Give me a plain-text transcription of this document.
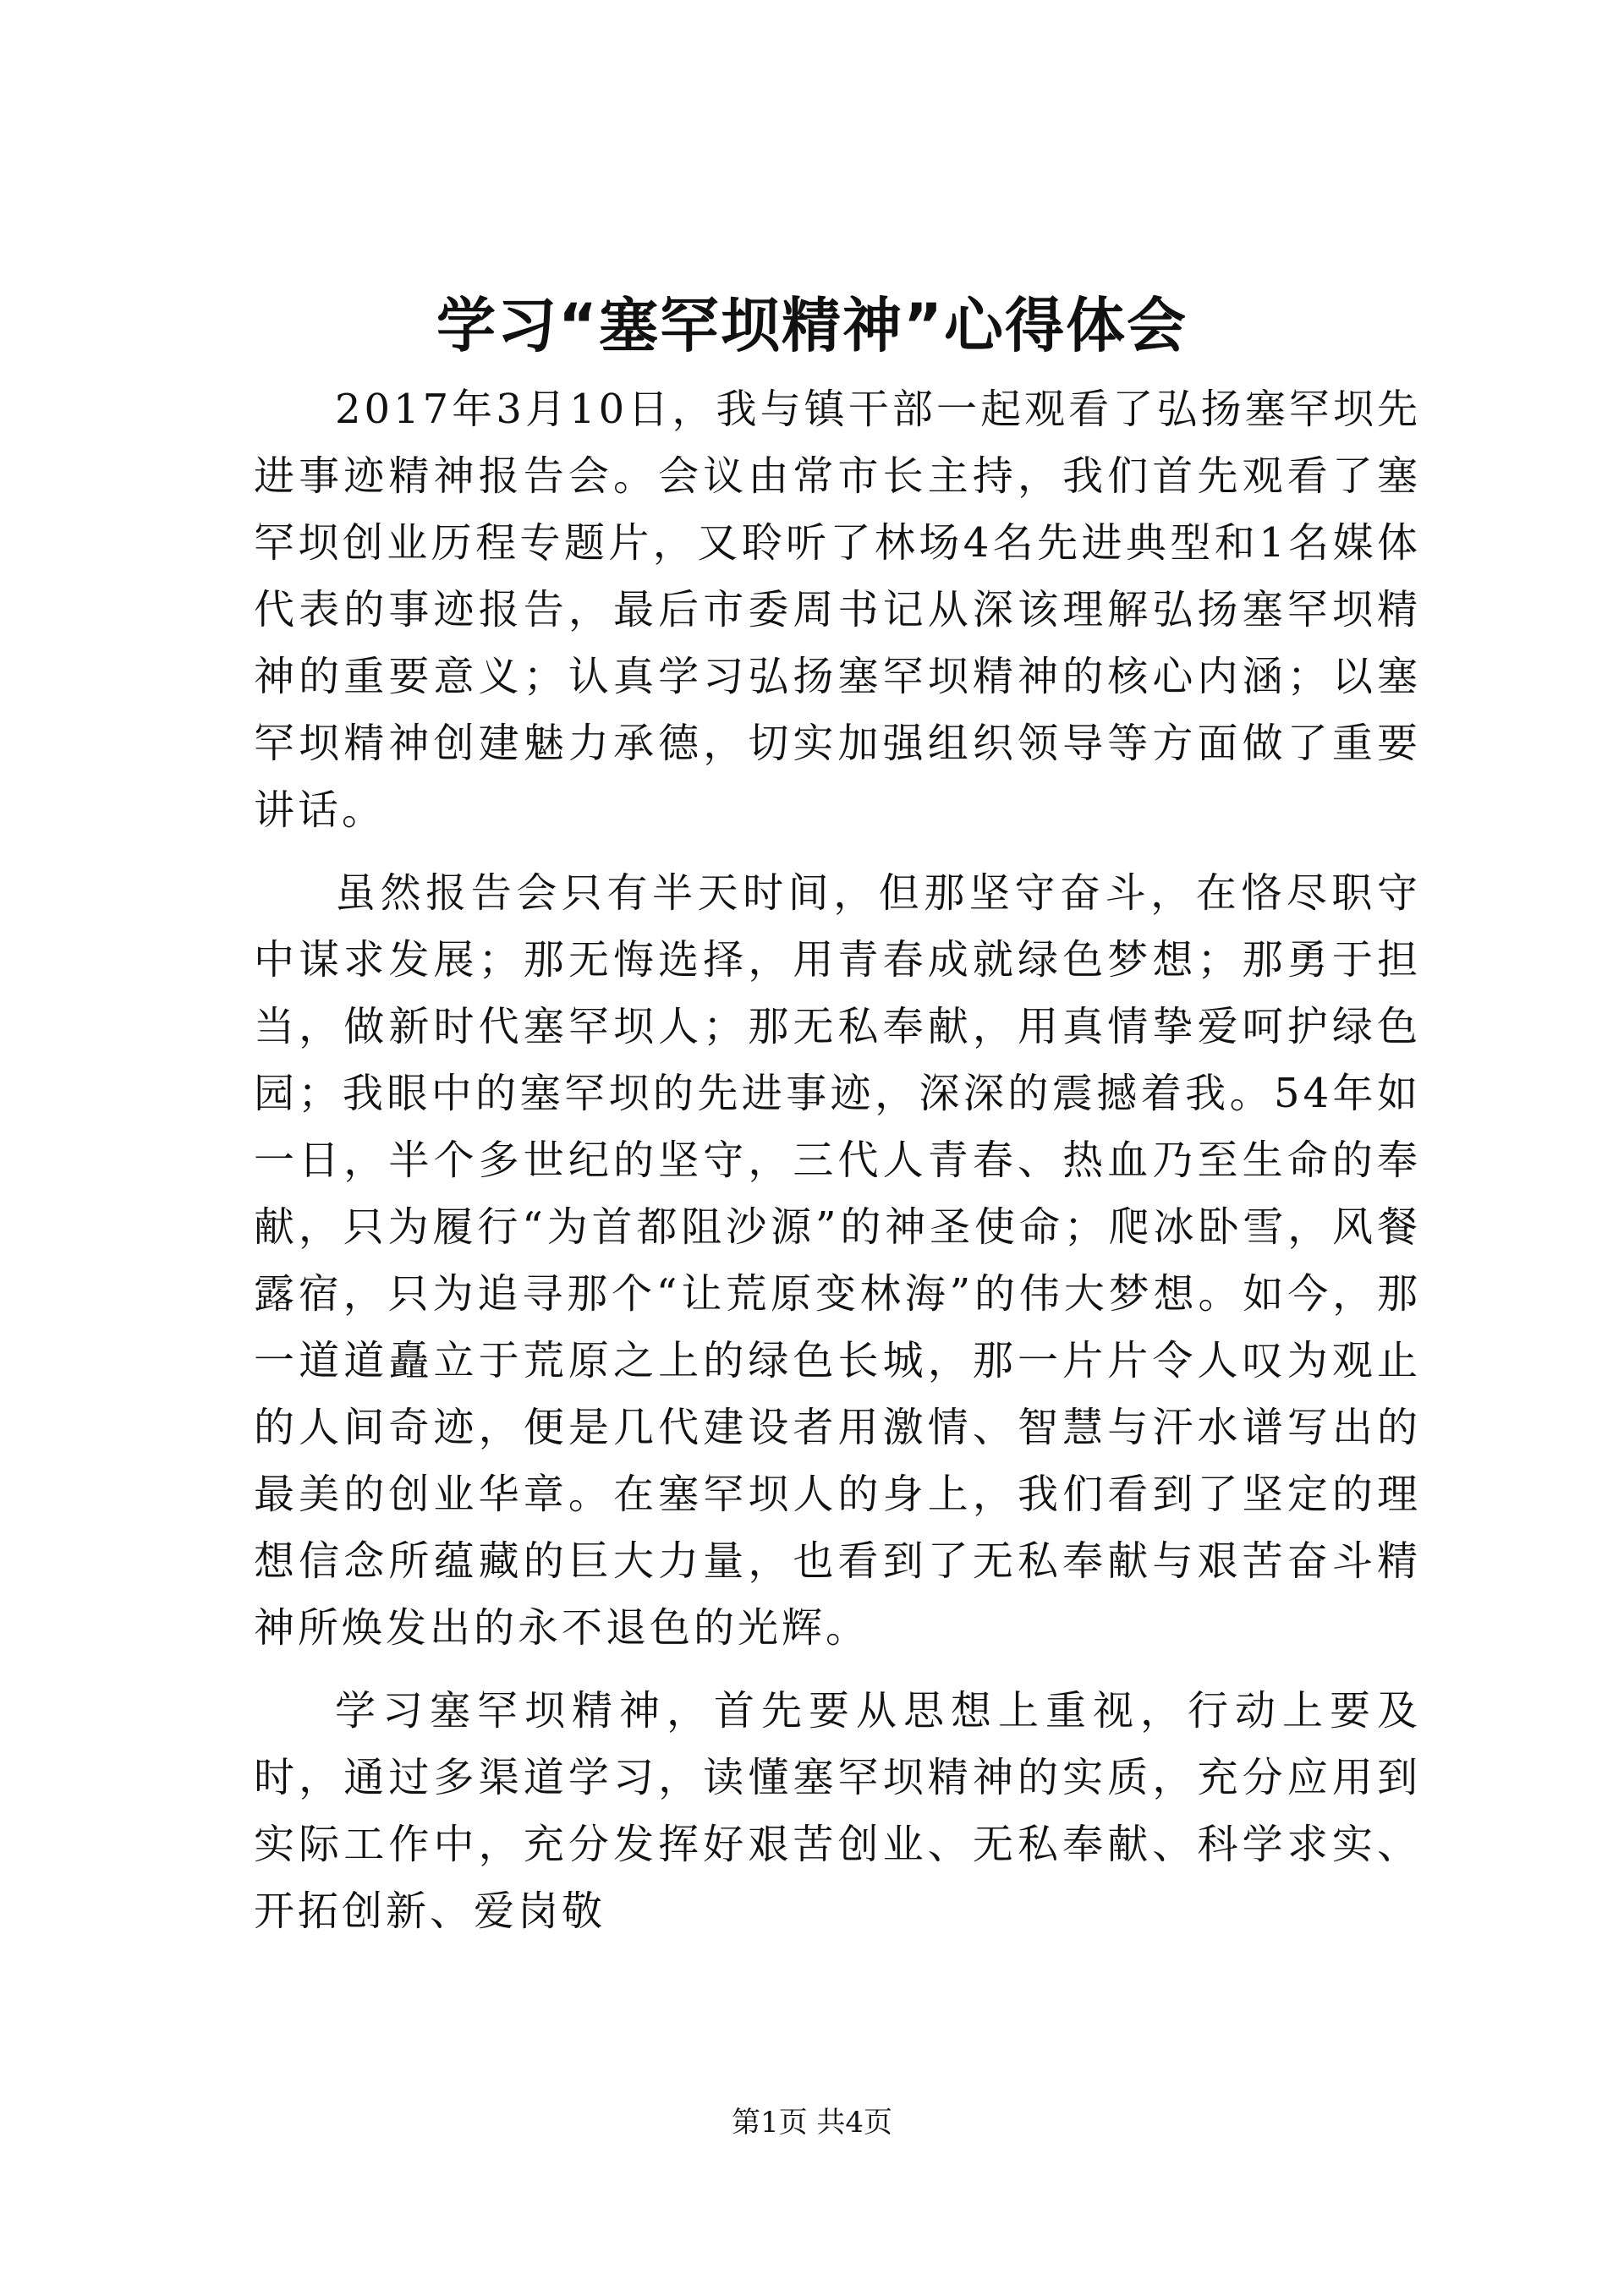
学习“塞罕坝精神”心得体会

2017年3月10日，我与镇干部一起观看了弘扬塞罕坝先进事迹精神报告会。会议由常市长主持，我们首先观看了塞罕坝创业历程专题片，又聆听了林场4名先进典型和1名媒体代表的事迹报告，最后市委周书记从深该理解弘扬塞罕坝精神的重要意义；认真学习弘扬塞罕坝精神的核心内涵；以塞罕坝精神创建魅力承德，切实加强组织领导等方面做了重要讲话。

虽然报告会只有半天时间，但那坚守奋斗，在恪尽职守中谋求发展；那无悔选择，用青春成就绿色梦想；那勇于担当，做新时代塞罕坝人；那无私奉献，用真情挚爱呵护绿色园；我眼中的塞罕坝的先进事迹，深深的震撼着我。54年如一日，半个多世纪的坚守，三代人青春、热血乃至生命的奉献，只为履行“为首都阻沙源”的神圣使命；爬冰卧雪，风餐露宿，只为追寻那个“让荒原变林海”的伟大梦想。如今，那一道道矗立于荒原之上的绿色长城，那一片片令人叹为观止的人间奇迹，便是几代建设者用激情、智慧与汗水谱写出的最美的创业华章。在塞罕坝人的身上，我们看到了坚定的理想信念所蕴藏的巨大力量，也看到了无私奉献与艰苦奋斗精神所焕发出的永不退色的光辉。

学习塞罕坝精神，首先要从思想上重视，行动上要及时，通过多渠道学习，读懂塞罕坝精神的实质，充分应用到实际工作中，充分发挥好艰苦创业、无私奉献、科学求实、开拓创新、爱岗敬

第1页 共4页
